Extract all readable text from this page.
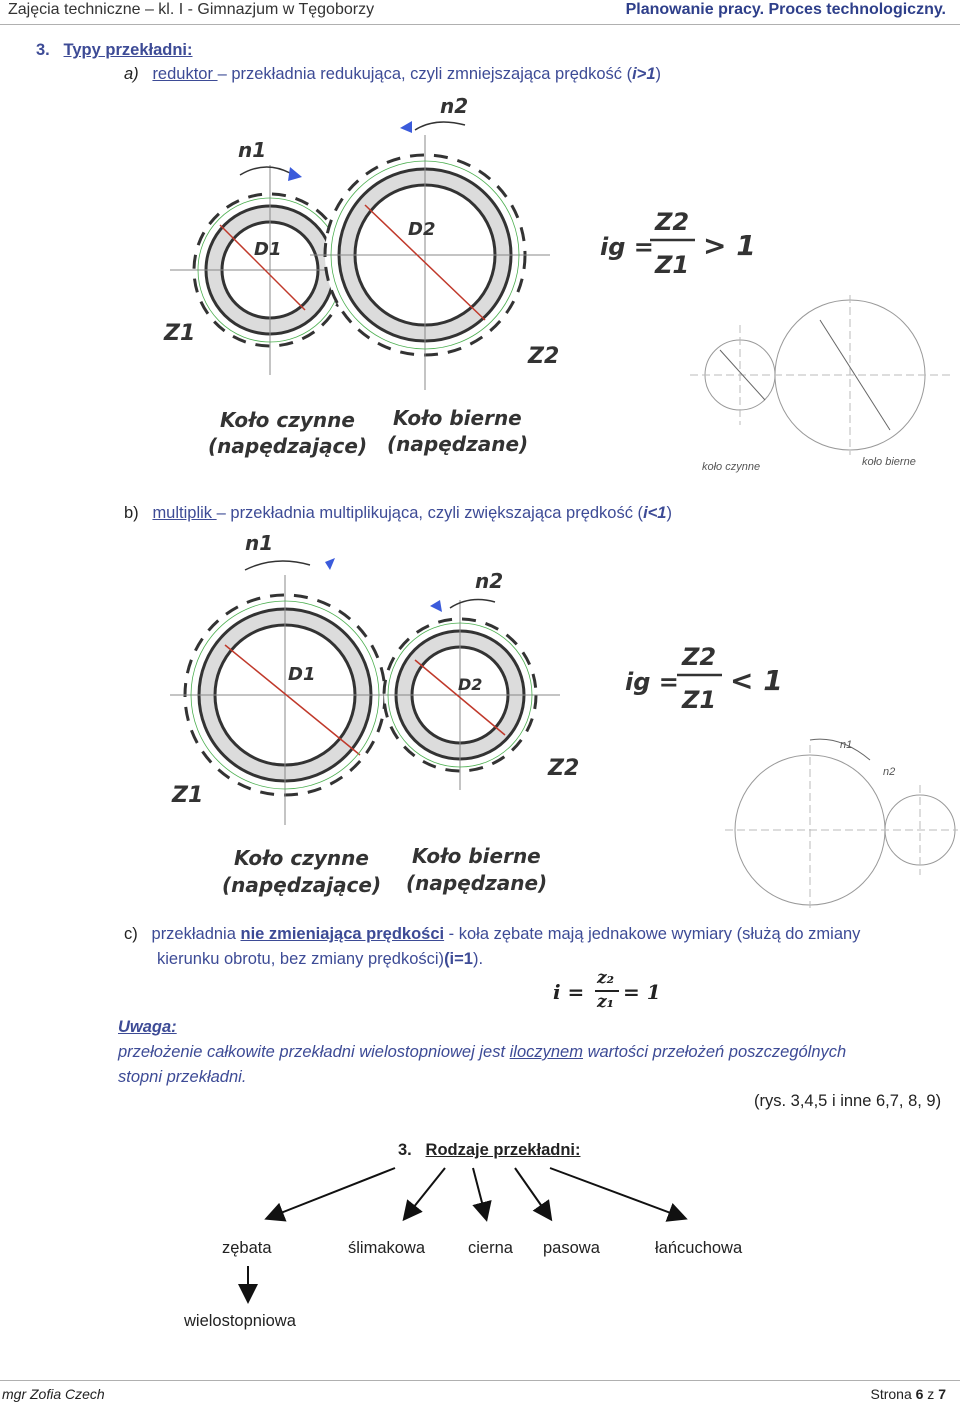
Zajęcia techniczne – kl. I - Gimnazjum w Tęgoborzy	Planowanie pracy. Proces technologiczny.
3. Typy przekładni:
a) reduktor – przekładnia redukująca, czyli zmniejszająca prędkość (i>1)
n1
n2
D1
D2
Z1
Z2
Koło czynne
(napędzające)
Koło bierne
(napędzane)
ig =
Z2
Z1
> 1
koło czynne	koło bierne
b) multiplik – przekładnia multiplikująca, czyli zwiększająca prędkość (i<1)
n1
n2
D1	D2
Z1
Z2
Koło czynne
(napędzające)
Koło bierne
(napędzane)
ig =
Z2
Z1
< 1
n1
n2
c) przekładnia nie zmieniająca prędkości - koła zębate mają jednakowe wymiary (służą do zmiany
kierunku obrotu, bez zmiany prędkości)(i=1).
i =
z₂
z₁ = 1
Uwaga:
przełożenie całkowite przekładni wielostopniowej jest iloczynem wartości przełożeń poszczególnych
stopni przekładni.
(rys. 3,4,5 i inne 6,7, 8, 9)
3. Rodzaje przekładni:
zębata	ślimakowa	cierna pasowa	łańcuchowa
wielostopniowa
mgr Zofia Czech	Strona 6 z 7
